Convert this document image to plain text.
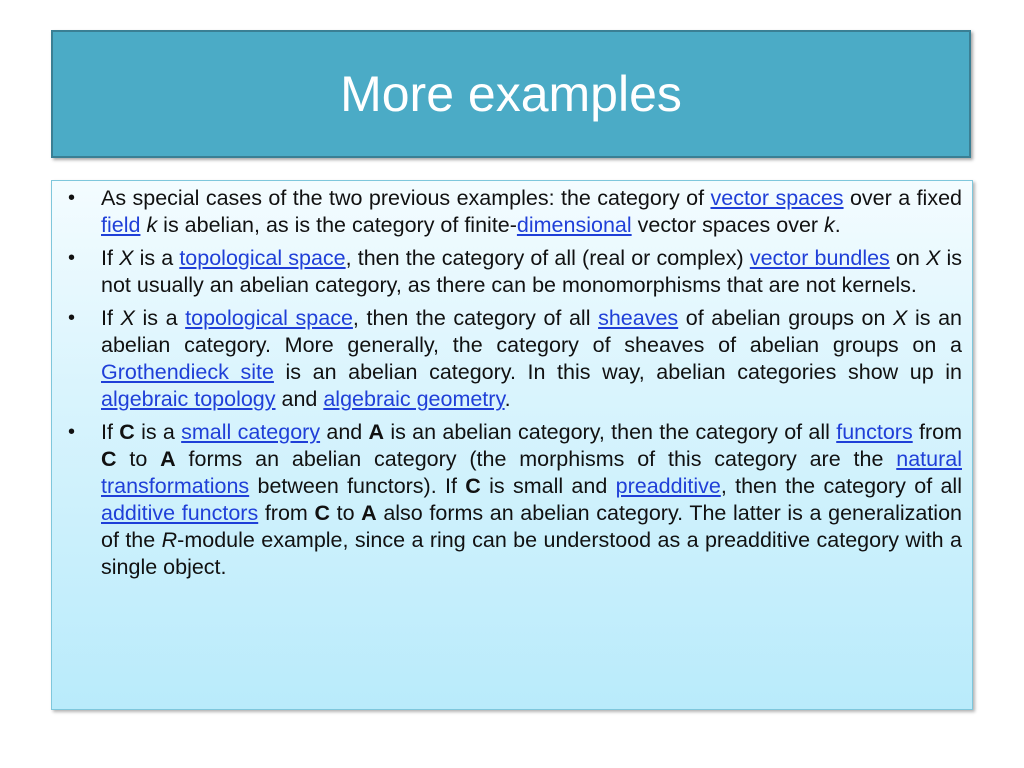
More examples
• As special cases of the two previous examples: the category of vector spaces over a fixed field k is abelian, as is the category of finite-dimensional vector spaces over k.
• If X is a topological space, then the category of all (real or complex) vector bundles on X is not usually an abelian category, as there can be monomorphisms that are not kernels.
• If X is a topological space, then the category of all sheaves of abelian groups on X is an abelian category. More generally, the category of sheaves of abelian groups on a Grothendieck site is an abelian category. In this way, abelian categories show up in algebraic topology and algebraic geometry.
• If C is a small category and A is an abelian category, then the category of all functors from C to A forms an abelian category (the morphisms of this category are the natural transformations between functors). If C is small and preadditive, then the category of all additive functors from C to A also forms an abelian category. The latter is a generalization of the R-module example, since a ring can be understood as a preadditive category with a single object.
